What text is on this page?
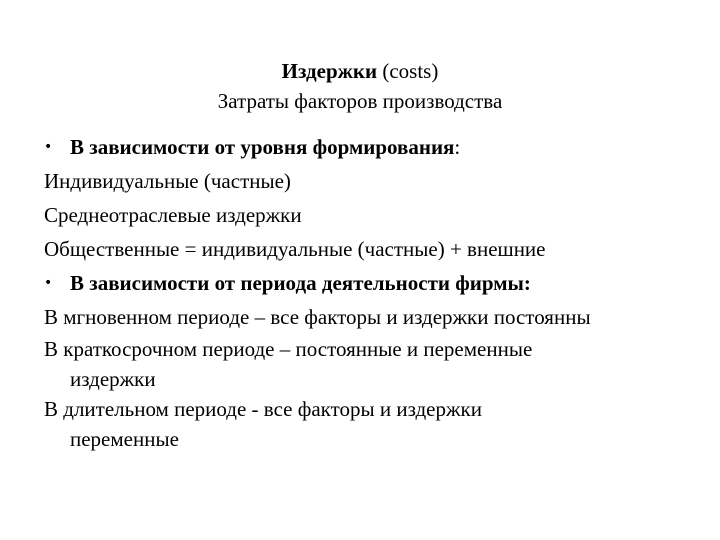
Издержки (costs)
Затраты факторов производства
• В зависимости от уровня формирования:
Индивидуальные (частные)
Среднеотраслевые издержки
Общественные = индивидуальные (частные) + внешние
• В зависимости от периода деятельности фирмы:
В мгновенном периоде – все факторы и издержки постоянны
В краткосрочном периоде – постоянные и переменные
издержки
В длительном периоде - все факторы и издержки
переменные
